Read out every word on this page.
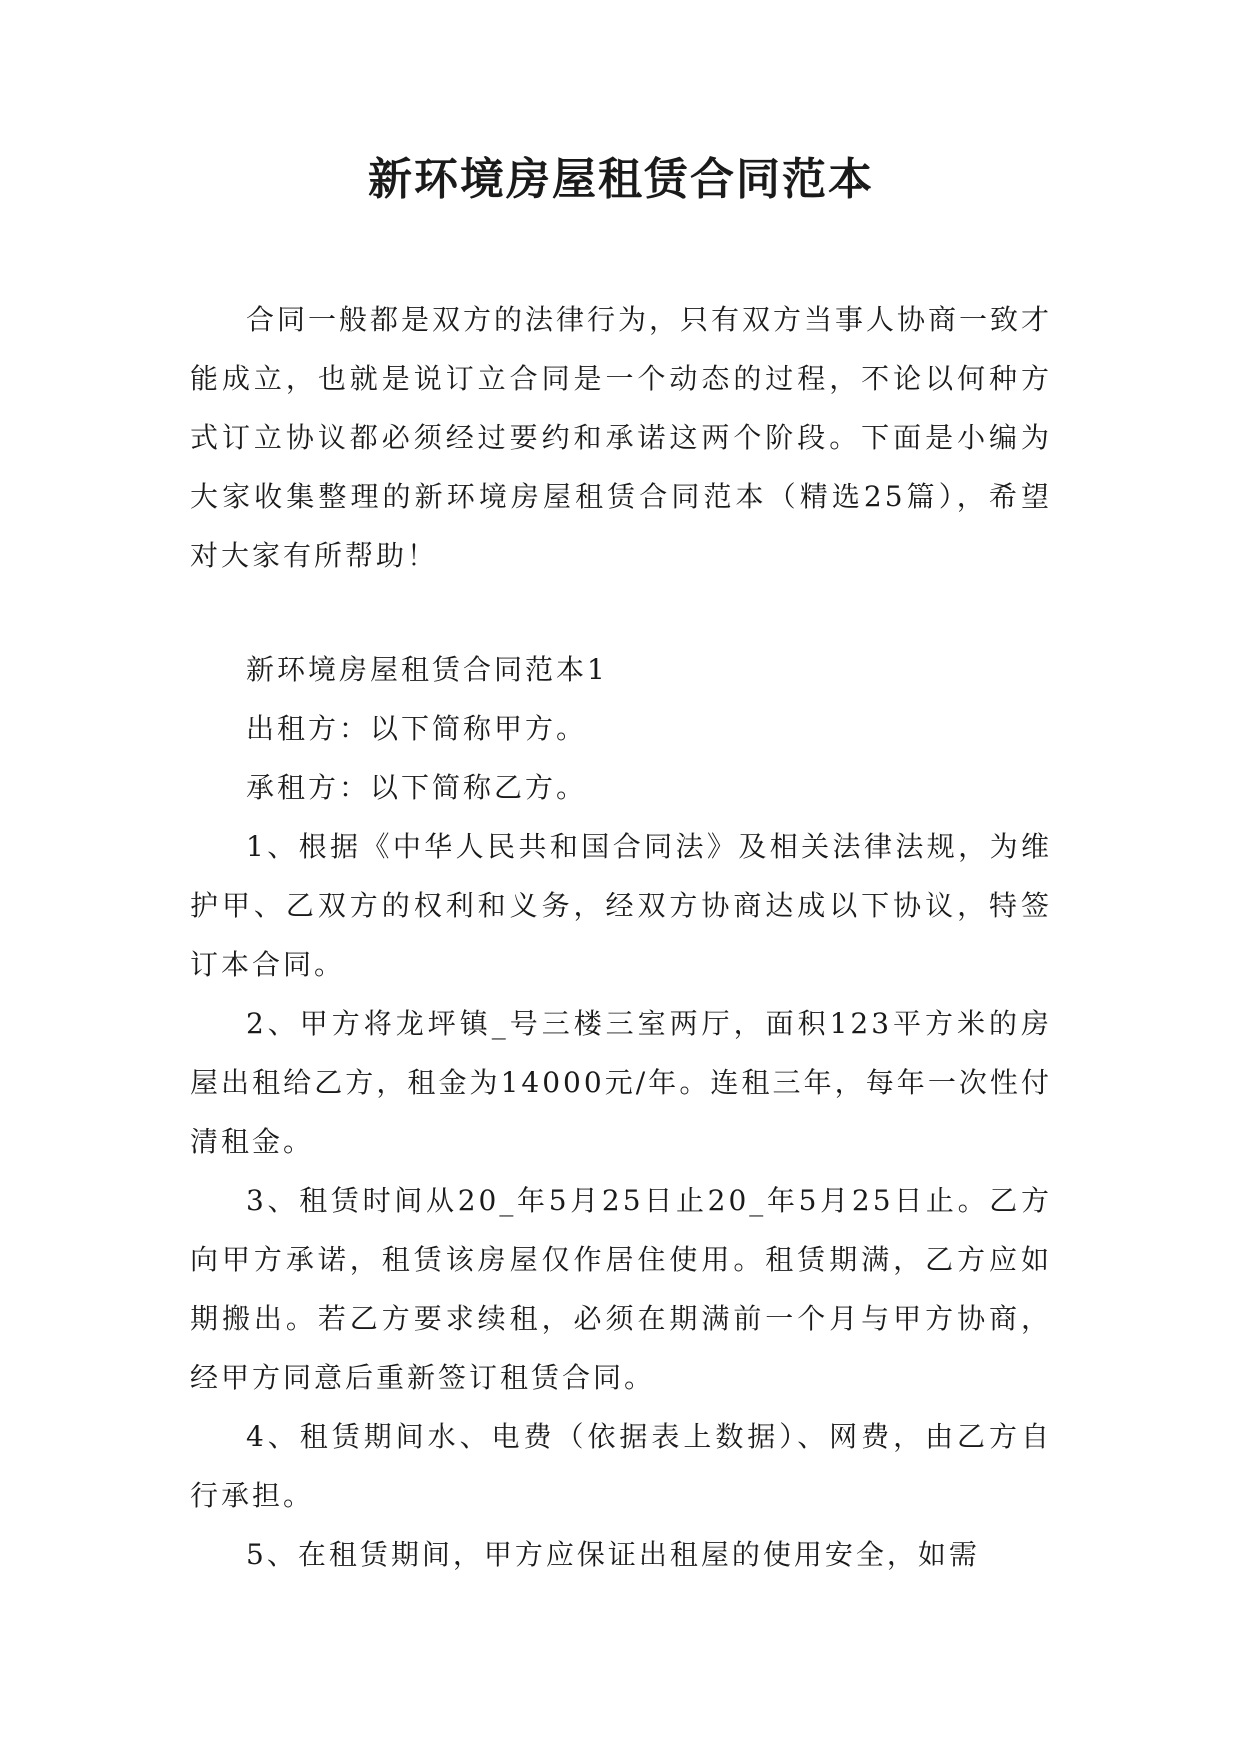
新环境房屋租赁合同范本

合同一般都是双方的法律行为，只有双方当事人协商一致才能成立，也就是说订立合同是一个动态的过程，不论以何种方式订立协议都必须经过要约和承诺这两个阶段。下面是小编为大家收集整理的新环境房屋租赁合同范本（精选25篇），希望对大家有所帮助！

新环境房屋租赁合同范本1

出租方：以下简称甲方。

承租方：以下简称乙方。

1、根据《中华人民共和国合同法》及相关法律法规，为维护甲、乙双方的权利和义务，经双方协商达成以下协议，特签订本合同。

2、甲方将龙坪镇_号三楼三室两厅，面积123平方米的房屋出租给乙方，租金为14000元/年。连租三年，每年一次性付清租金。

3、租赁时间从20_年5月25日止20_年5月25日止。乙方向甲方承诺，租赁该房屋仅作居住使用。租赁期满，乙方应如期搬出。若乙方要求续租，必须在期满前一个月与甲方协商，经甲方同意后重新签订租赁合同。

4、租赁期间水、电费（依据表上数据）、网费，由乙方自行承担。

5、在租赁期间，甲方应保证出租屋的使用安全，如需
